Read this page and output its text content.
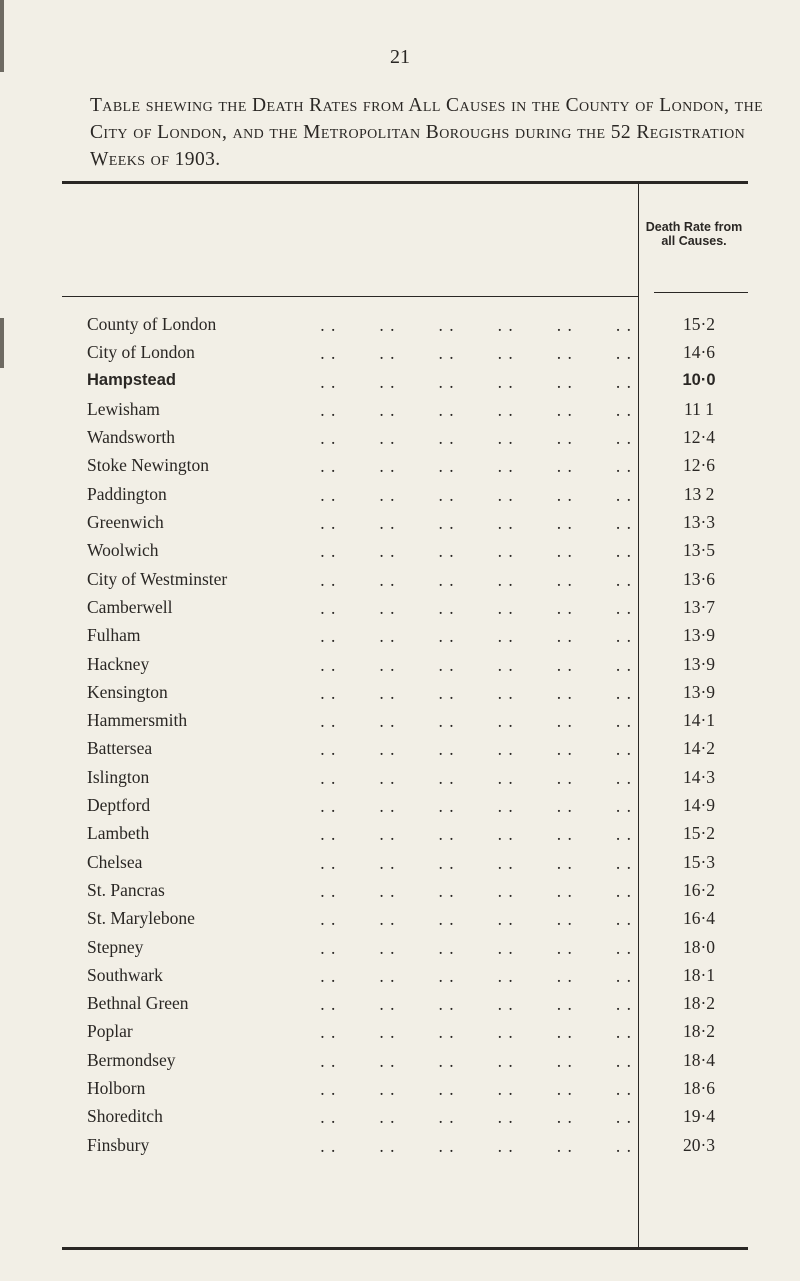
21
Table shewing the Death Rates from All Causes in the County of London, the City of London, and the Metropolitan Boroughs during the 52 Registration Weeks of 1903.
Death Rate from all Causes.
. .        . .        . .        . .        . .        . .
County of London . .	15·2
. .        . .        . .        . .        . .        . .
City of London . .	14·6
. .        . .        . .        . .        . .        . .
Hampstead . .	10·0
. .        . .        . .        . .        . .        . .
Lewisham . .	11 1
. .        . .        . .        . .        . .        . .
Wandsworth . .	12·4
. .        . .        . .        . .        . .        . .
Stoke Newington . .	12·6
. .        . .        . .        . .        . .        . .
Paddington . .	13 2
. .        . .        . .        . .        . .        . .
Greenwich . .	13·3
. .        . .        . .        . .        . .        . .
Woolwich . .	13·5
. .        . .        . .        . .        . .        . .
City of Westminster . .	13·6
. .        . .        . .        . .        . .        . .
Camberwell . .	13·7
. .        . .        . .        . .        . .        . .
Fulham . .	13·9
. .        . .        . .        . .        . .        . .
Hackney . .	13·9
. .        . .        . .        . .        . .        . .
Kensington . .	13·9
. .        . .        . .        . .        . .        . .
Hammersmith . .	14·1
. .        . .        . .        . .        . .        . .
Battersea . .	14·2
. .        . .        . .        . .        . .        . .
Islington . .	14·3
. .        . .        . .        . .        . .        . .
Deptford . .	14·9
. .        . .        . .        . .        . .        . .
Lambeth . .	15·2
. .        . .        . .        . .        . .        . .
Chelsea . .	15·3
. .        . .        . .        . .        . .        . .
St. Pancras . .	16·2
. .        . .        . .        . .        . .        . .
St. Marylebone . .	16·4
. .        . .        . .        . .        . .        . .
Stepney . .	18·0
. .        . .        . .        . .        . .        . .
Southwark . .	18·1
. .        . .        . .        . .        . .        . .
Bethnal Green . .	18·2
. .        . .        . .        . .        . .        . .
Poplar . .	18·2
. .        . .        . .        . .        . .        . .
Bermondsey . .	18·4
. .        . .        . .        . .        . .        . .
Holborn . .	18·6
. .        . .        . .        . .        . .        . .
Shoreditch . .	19·4
. .        . .        . .        . .        . .        . .
Finsbury . .	20·3
